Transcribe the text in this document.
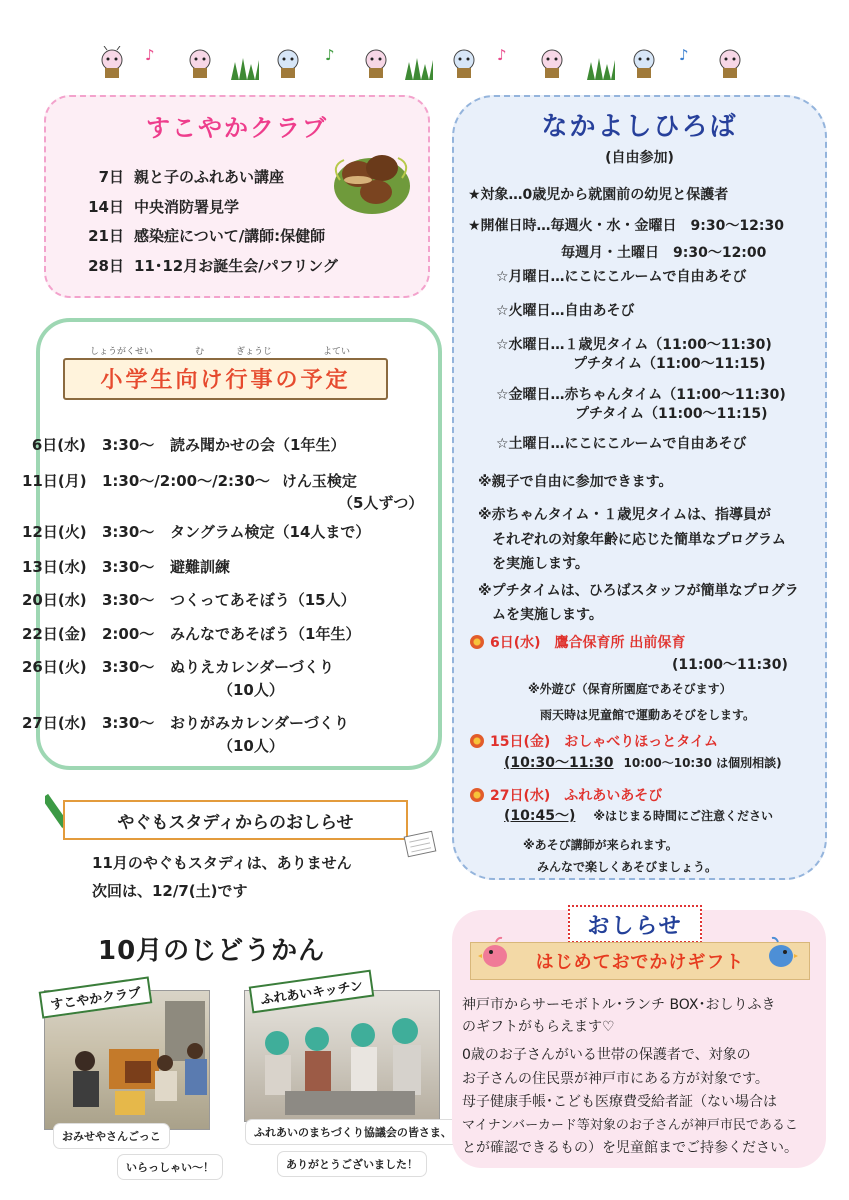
♪	♪	♪	♪
すこやかクラブ
7日 親と子のふれあい講座
14日 中央消防署見学
21日 感染症について/講師:保健師
28日 11･12月お誕生会/パフリング
しょうがくせい	む	ぎょうじ	よてい
小学生向け行事の予定
6日(水) 3:30～ 読み聞かせの会（1年生）
11日(月) 1:30～/2:00～/2:30～ けん玉検定
（5人ずつ）
12日(火) 3:30～ タングラム検定（14人まで）
13日(水) 3:30～ 避難訓練
20日(水) 3:30～ つくってあそぼう（15人）
22日(金) 2:00～ みんなであそぼう（1年生）
26日(火) 3:30～ ぬりえカレンダーづくり
（10人）
27日(水) 3:30～ おりがみカレンダーづくり
（10人）
やぐもスタディからのおしらせ
11月のやぐもスタディは、ありません
次回は、12/7(土)です
10月のじどうかん
すこやかクラブ
おみせやさんごっこ
いらっしゃい～！
ふれあいキッチン
ふれあいのまちづくり協議会の皆さま、
ありがとうございました！
なかよしひろば
(自由参加)
★対象…0歳児から就園前の幼児と保護者
★開催日時…毎週火・水・金曜日　9:30～12:30
毎週月・土曜日　9:30～12:00
☆月曜日…にこにこルームで自由あそび
☆火曜日…自由あそび
☆水曜日…１歳児タイム（11:00～11:30)
プチタイム（11:00～11:15)
☆金曜日…赤ちゃんタイム（11:00～11:30)
プチタイム（11:00～11:15)
☆土曜日…にこにこルームで自由あそび
※親子で自由に参加できます。
※赤ちゃんタイム・１歳児タイムは、指導員が
それぞれの対象年齢に応じた簡単なプログラム
を実施します。
※プチタイムは、ひろばスタッフが簡単なプログラ
ムを実施します。
6日(水)　鷹合保育所 出前保育
(11:00～11:30)
※外遊び（保育所園庭であそびます）
雨天時は児童館で運動あそびをします。
15日(金)　おしゃべりほっとタイム
(10:30～11:30 10:00～10:30 は個別相談)
27日(水)　ふれあいあそび
(10:45～) ※はじまる時間にご注意ください
※あそび講師が来られます。
みんなで楽しくあそびましょう。
おしらせ
はじめておでかけギフト
神戸市からサーモボトル･ランチ BOX･おしりふき
のギフトがもらえます♡
0歳のお子さんがいる世帯の保護者で、対象の
お子さんの住民票が神戸市にある方が対象です。
母子健康手帳･こども医療費受給者証（ない場合は
マイナンバーカード等対象のお子さんが神戸市民であるこ
とが確認できるもの）を児童館までご持参ください。
